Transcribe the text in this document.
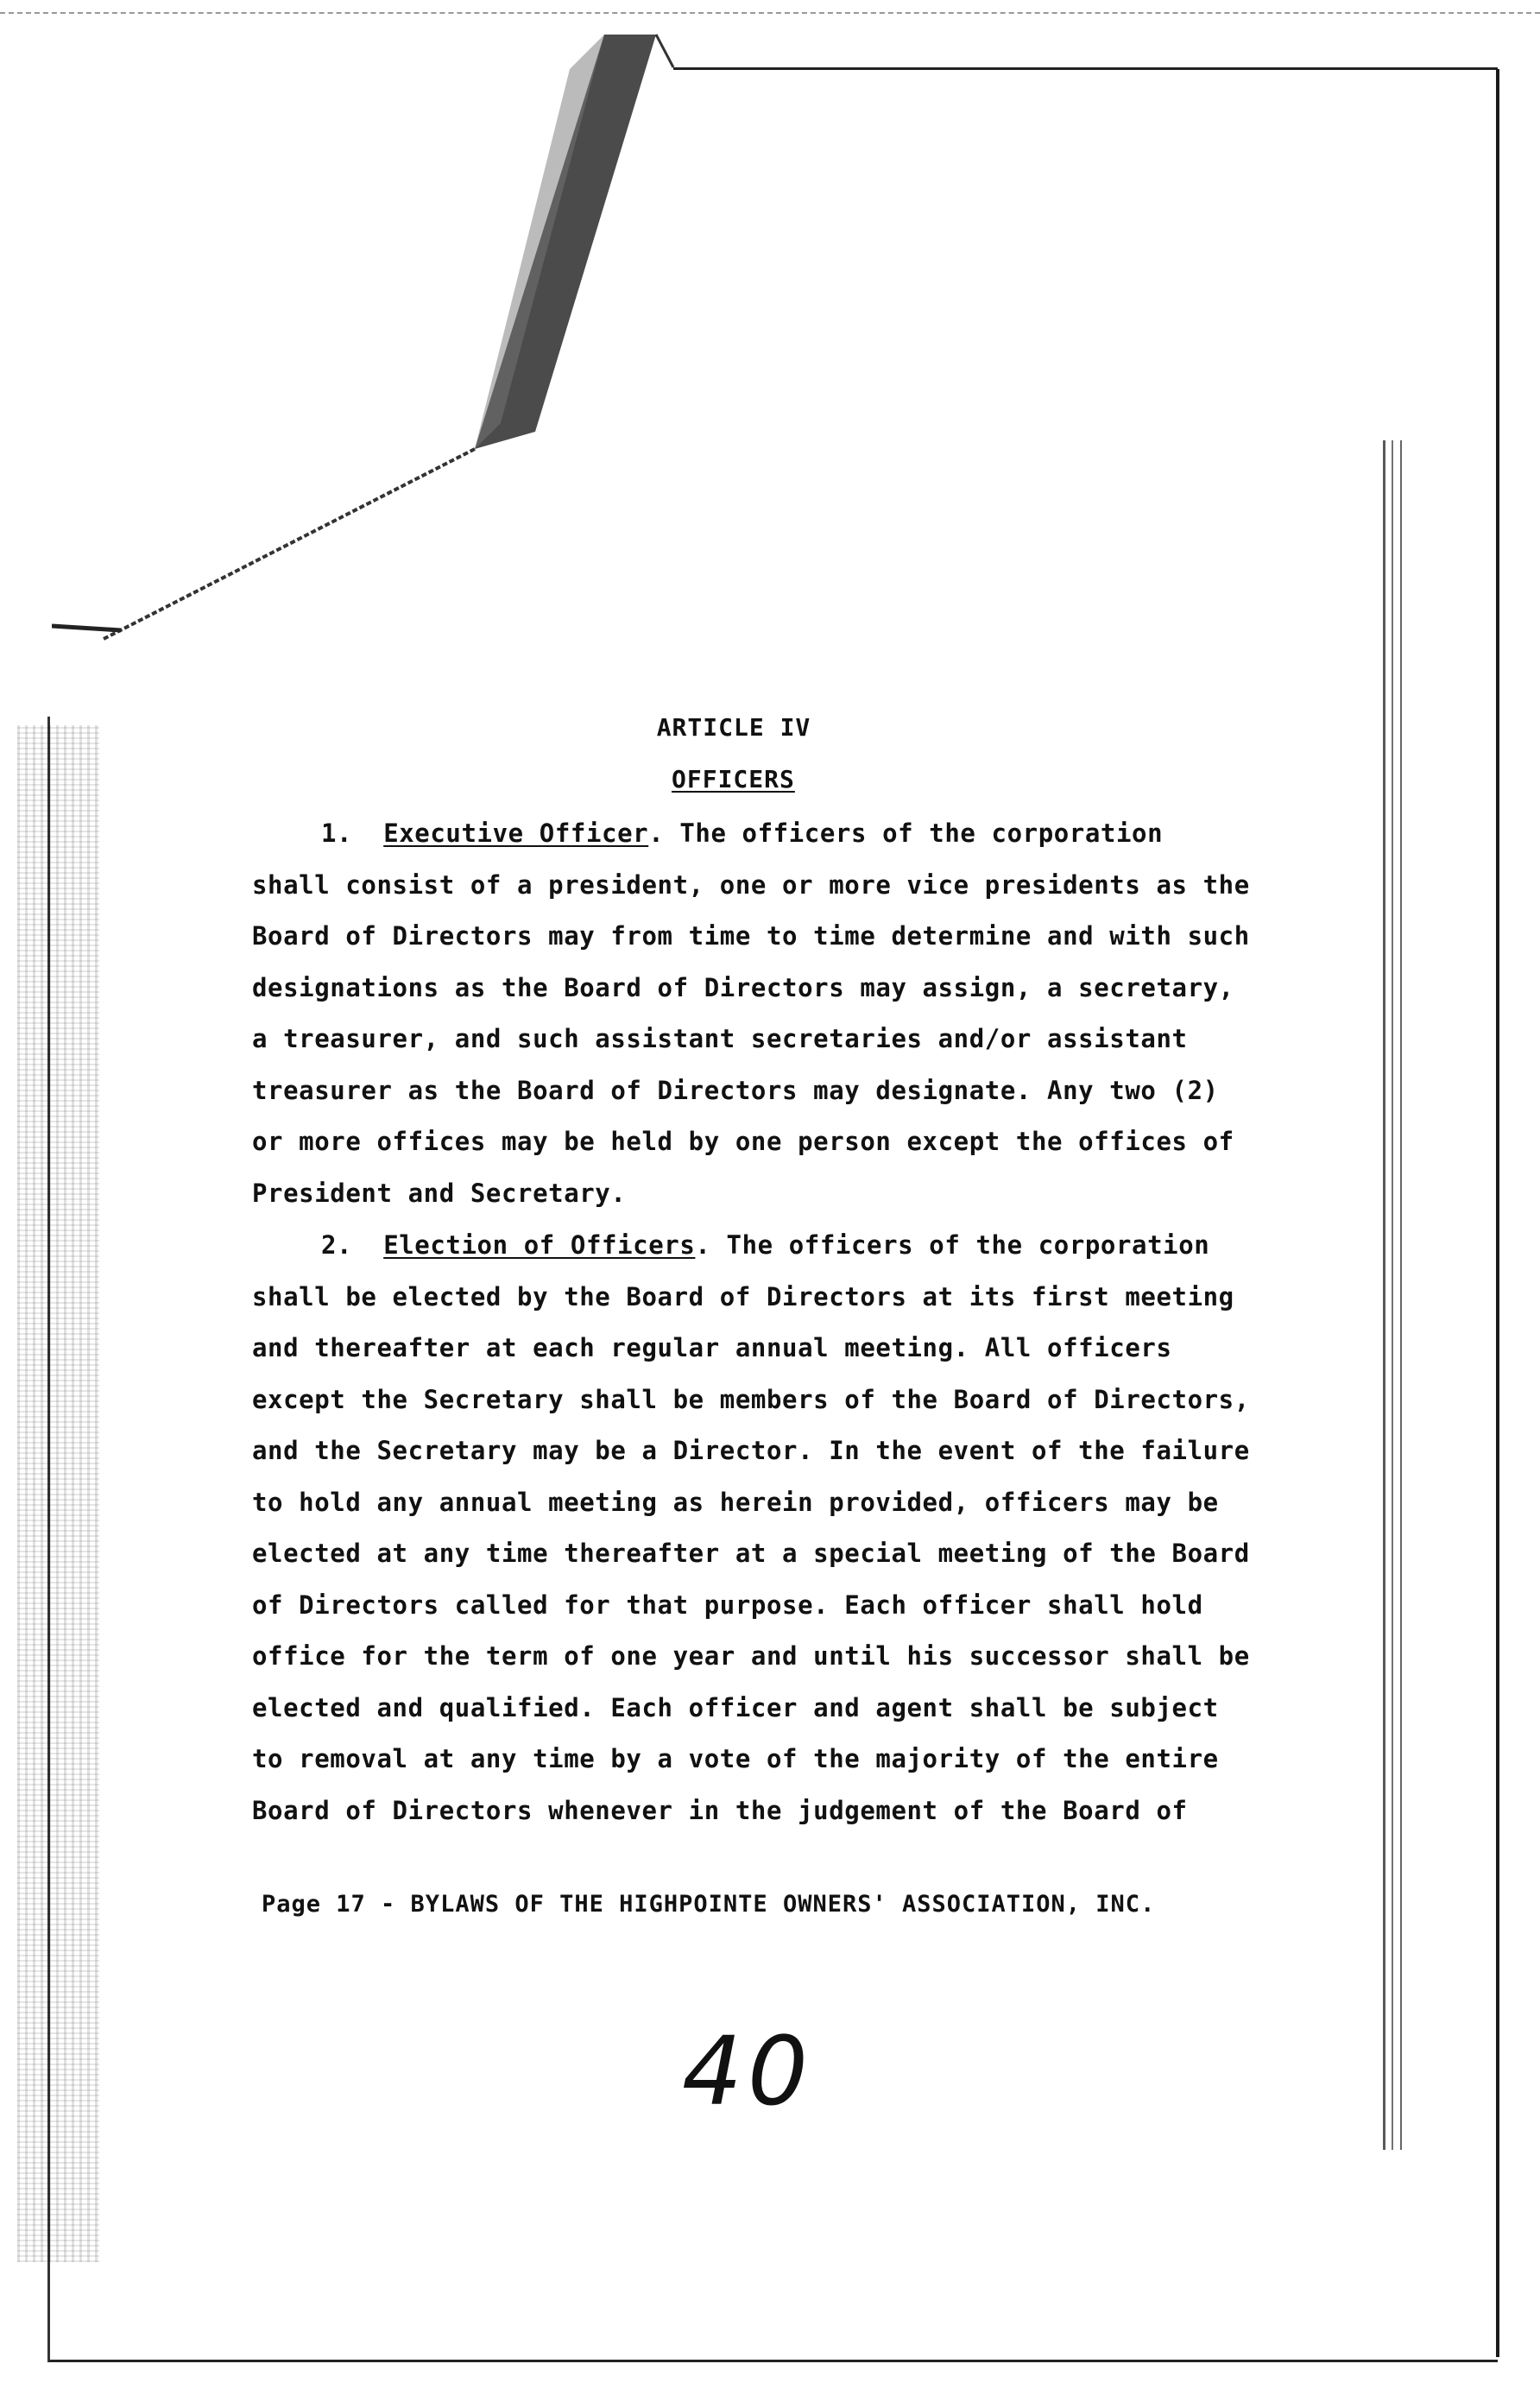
ARTICLE IV
OFFICERS

1. Executive Officer. The officers of the corporation shall consist of a president, one or more vice presidents as the Board of Directors may from time to time determine and with such designations as the Board of Directors may assign, a secretary, a treasurer, and such assistant secretaries and/or assistant treasurer as the Board of Directors may designate. Any two (2) or more offices may be held by one person except the offices of President and Secretary.

2. Election of Officers. The officers of the corporation shall be elected by the Board of Directors at its first meeting and thereafter at each regular annual meeting. All officers except the Secretary shall be members of the Board of Directors, and the Secretary may be a Director. In the event of the failure to hold any annual meeting as herein provided, officers may be elected at any time thereafter at a special meeting of the Board of Directors called for that purpose. Each officer shall hold office for the term of one year and until his successor shall be elected and qualified. Each officer and agent shall be subject to removal at any time by a vote of the majority of the entire Board of Directors whenever in the judgement of the Board of

Page 17 - BYLAWS OF THE HIGHPOINTE OWNERS' ASSOCIATION, INC.
40
